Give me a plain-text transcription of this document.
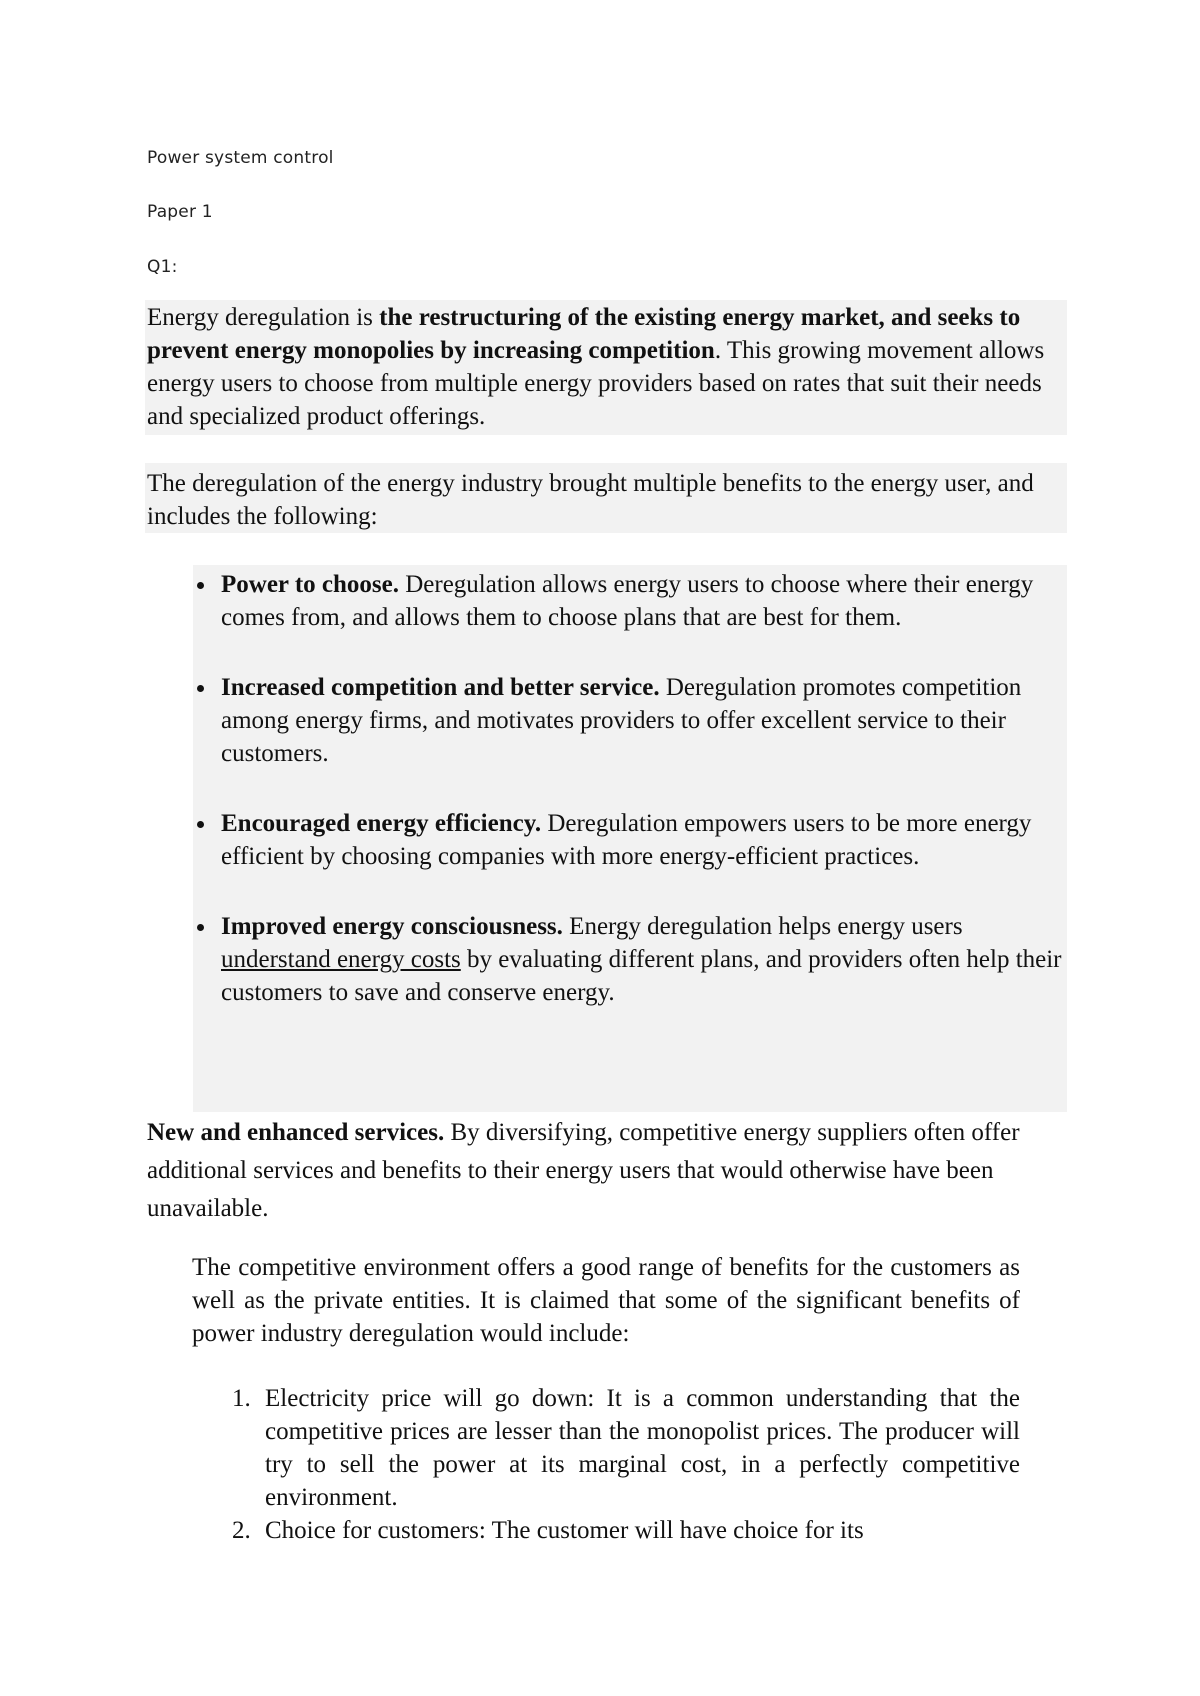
Power system control
Paper 1
Q1:
Energy deregulation is the restructuring of the existing energy market, and seeks to prevent energy monopolies by increasing competition. This growing movement allows energy users to choose from multiple energy providers based on rates that suit their needs and specialized product offerings.
The deregulation of the energy industry brought multiple benefits to the energy user, and includes the following:
Power to choose. Deregulation allows energy users to choose where their energy comes from, and allows them to choose plans that are best for them.
Increased competition and better service. Deregulation promotes competition among energy firms, and motivates providers to offer excellent service to their customers.
Encouraged energy efficiency. Deregulation empowers users to be more energy efficient by choosing companies with more energy-efficient practices.
Improved energy consciousness. Energy deregulation helps energy users understand energy costs by evaluating different plans, and providers often help their customers to save and conserve energy.
New and enhanced services. By diversifying, competitive energy suppliers often offer additional services and benefits to their energy users that would otherwise have been unavailable.
The competitive environment offers a good range of benefits for the customers as well as the private entities. It is claimed that some of the significant benefits of power industry deregulation would include:
1. Electricity price will go down: It is a common understanding that the competitive prices are lesser than the monopolist prices. The producer will try to sell the power at its marginal cost, in a perfectly competitive environment.
2. Choice for customers: The customer will have choice for its
